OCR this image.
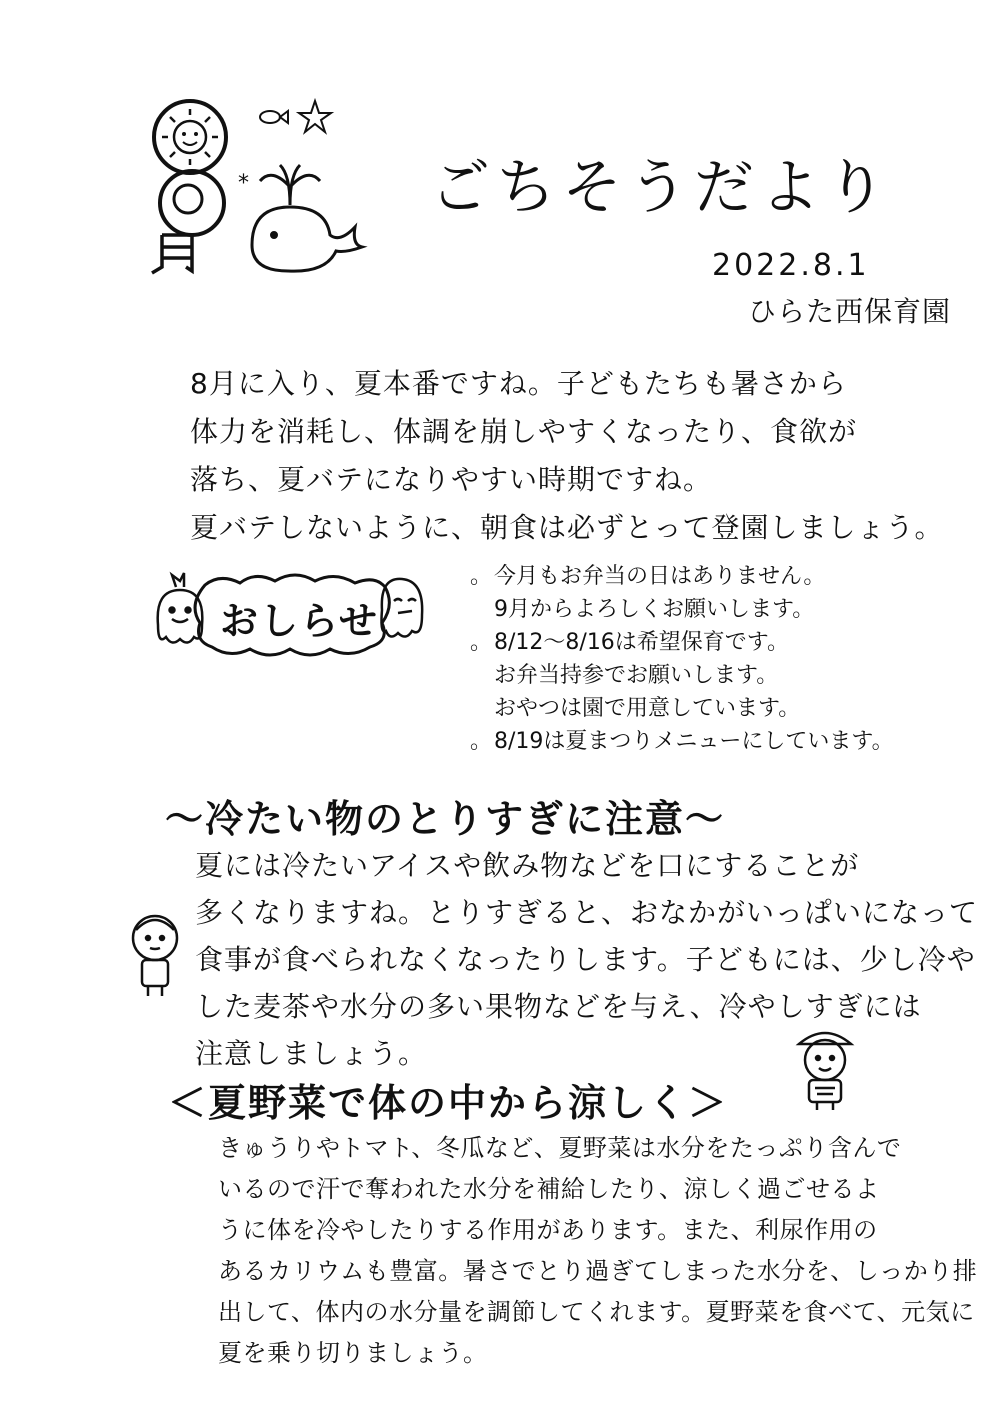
*	ごちそうだより
2022.8.1
ひらた西保育園

8月に入り、夏本番ですね。子どもたちも暑さから

体力を消耗し、体調を崩しやすくなったり、食欲が

落ち、夏バテになりやすい時期ですね。

夏バテしないように、朝食は必ずとって登園しましょう。

おしらせ
。今月もお弁当の日はありません。
9月からよろしくお願いします。
。8/12～8/16は希望保育です。
お弁当持参でお願いします。
おやつは園で用意しています。
。8/19は夏まつりメニューにしています。
～冷たい物のとりすぎに注意～

夏には冷たいアイスや飲み物などを口にすることが

多くなりますね。とりすぎると、おなかがいっぱいになって

食事が食べられなくなったりします。子どもには、少し冷や

した麦茶や水分の多い果物などを与え、冷やしすぎには

注意しましょう。

＜夏野菜で体の中から涼しく＞

きゅうりやトマト、冬瓜など、夏野菜は水分をたっぷり含んで

いるので汗で奪われた水分を補給したり、涼しく過ごせるよ

うに体を冷やしたりする作用があります。また、利尿作用の

あるカリウムも豊富。暑さでとり過ぎてしまった水分を、しっかり排

出して、体内の水分量を調節してくれます。夏野菜を食べて、元気に

夏を乗り切りましょう。
